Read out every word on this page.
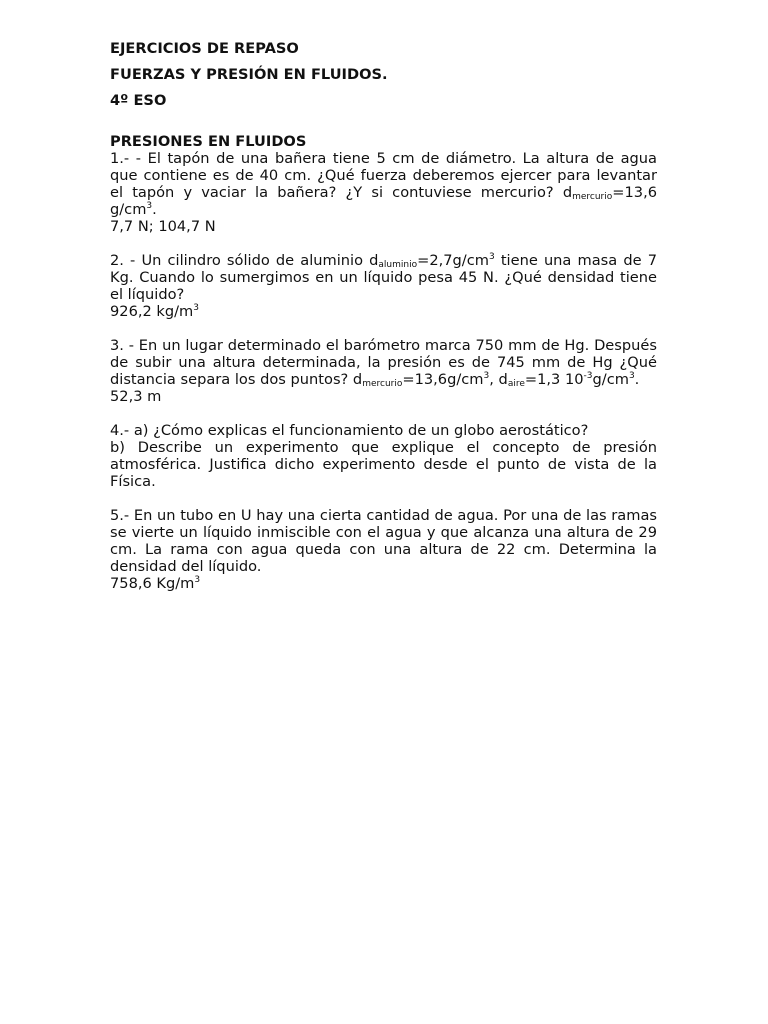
EJERCICIOS DE REPASO

FUERZAS Y PRESIÓN EN FLUIDOS.

4º ESO

PRESIONES EN FLUIDOS

1.- - El tapón de una bañera tiene 5 cm de diámetro. La altura de agua que contiene es de 40 cm. ¿Qué fuerza deberemos ejercer para levantar el tapón y vaciar la bañera? ¿Y si contuviese mercurio? $d_{mercurio}=13,6$ $g/cm^3$.

7,7 N; 104,7 N

2. - Un cilindro sólido de aluminio $d_{aluminio}=2,7g/cm^3$ tiene una masa de 7 Kg. Cuando lo sumergimos en un líquido pesa 45 N. ¿Qué densidad tiene el líquido?

926,2 $kg/m^3$

3. - En un lugar determinado el barómetro marca 750 mm de Hg. Después de subir una altura determinada, la presión es de 745 mm de Hg ¿Qué distancia separa los dos puntos? $d_{mercurio}=13,6g/cm^3$, $d_{aire}=1,3$ $10^{-3}g/cm^3$.

52,3 m

4.- a) ¿Cómo explicas el funcionamiento de un globo aerostático?

b) Describe un experimento que explique el concepto de presión atmosférica. Justifica dicho experimento desde el punto de vista de la Física.

5.- En un tubo en U hay una cierta cantidad de agua. Por una de las ramas se vierte un líquido inmiscible con el agua y que alcanza una altura de 29 cm. La rama con agua queda con una altura de 22 cm. Determina la densidad del líquido.

758,6 $Kg/m^3$
